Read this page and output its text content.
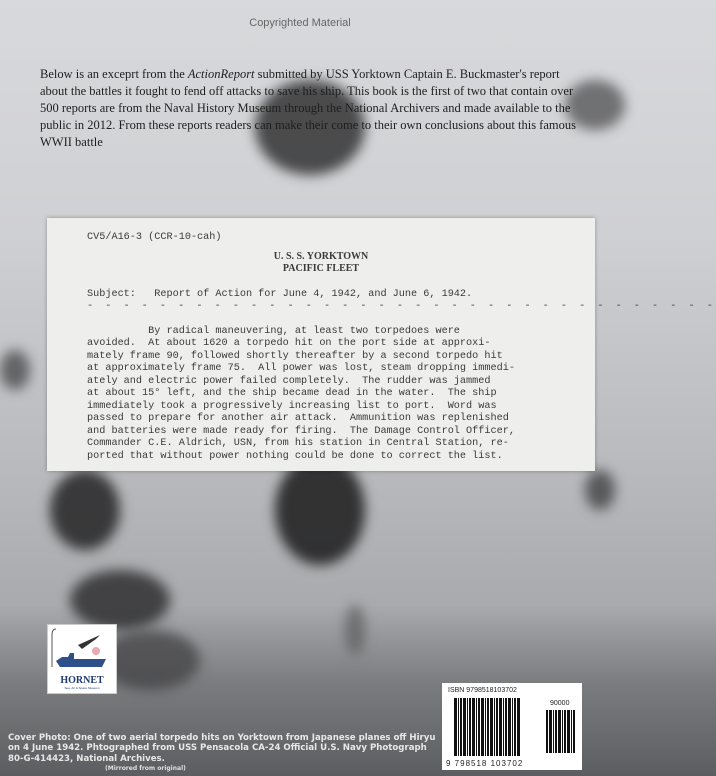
Copyrighted Material
Below is an exceprt from the ActionReport submitted by USS Yorktown Captain E. Buckmaster's report about the battles it fought to fend off attacks to save his ship. This book is the first of two that contain over 500 reports are from the Naval History Museum through the National Archivers and made available to the public in 2012. From these reports readers can make their come to their own conclusions about this famous WWII battle
CV5/A16-3 (CCR-10-cah)
U. S. S. YORKTOWN
PACIFIC FLEET
Subject:   Report of Action for June 4, 1942, and June 6, 1942.
- - - - - - - - - - - - - - - - - - - - - - - - - - - - - - - - - - -
By radical maneuvering, at least two torpedoes were
avoided.  At about 1620 a torpedo hit on the port side at approxi-
mately frame 90, followed shortly thereafter by a second torpedo hit
at approximately frame 75.  All power was lost, steam dropping immedi-
ately and electric power failed completely.  The rudder was jammed
at about 15° left, and the ship became dead in the water.  The ship
immediately took a progressively increasing list to port.  Word was
passed to prepare for another air attack.  Ammunition was replenished
and batteries were made ready for firing.  The Damage Control Officer,
Commander C.E. Aldrich, USN, from his station in Central Station, re-
ported that without power nothing could be done to correct the list.
HORNET
Sea, Air & Space Museum
Cover Photo: One of two aerial torpedo hits on Yorktown from Japanese planes off Hiryu on 4 June 1942. Phtographed from USS Pensacola CA-24 Official U.S. Navy Photograph 80-G-414423, National Archives.
(Mirrored from original)
ISBN 9798518103702
90000
9 798518 103702
